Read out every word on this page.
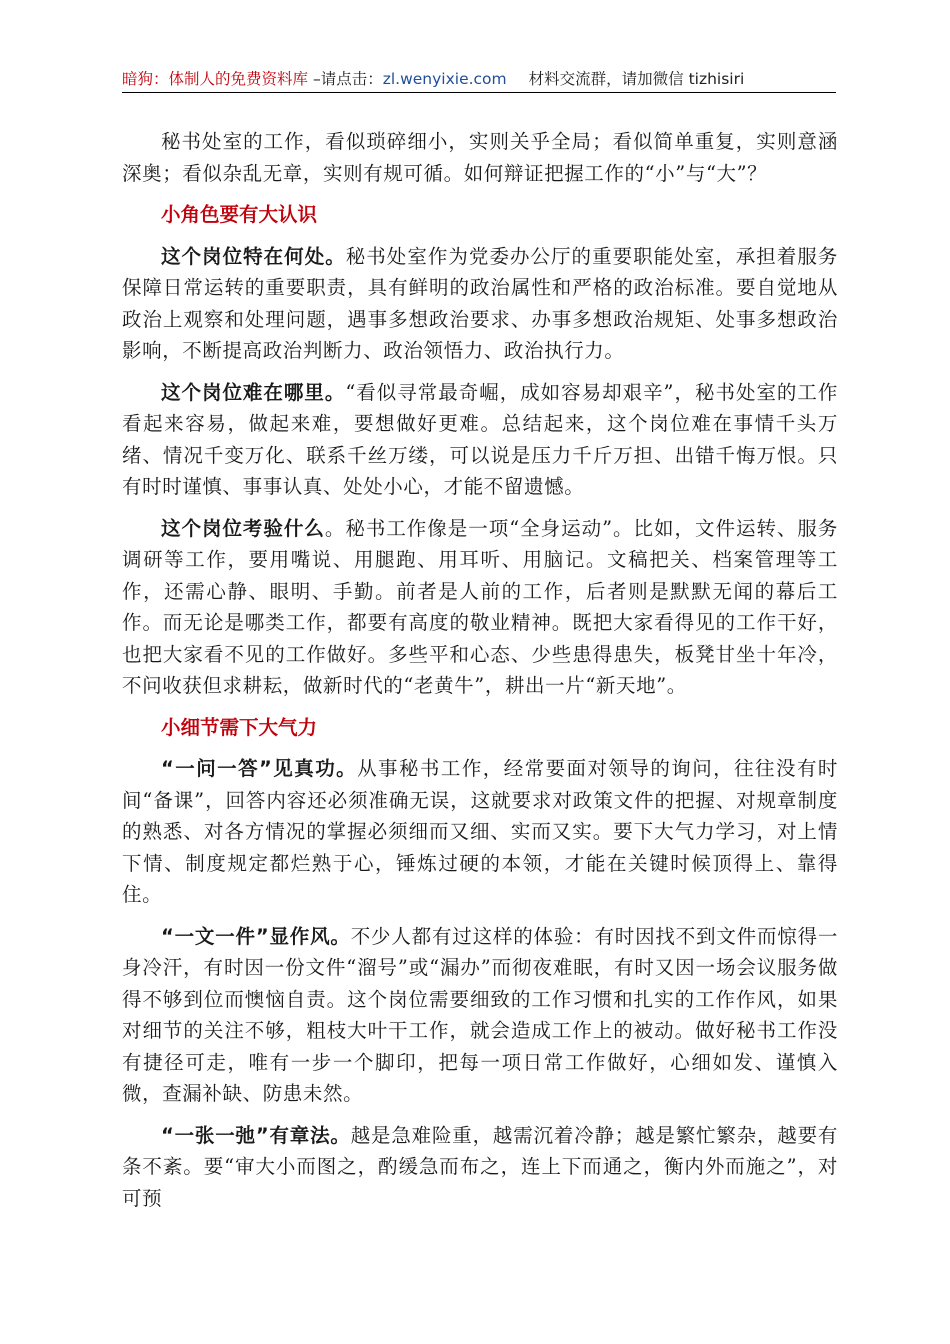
暗狗：体制人的免费资料库 –请点击：zl.wenyixie.com 材料交流群，请加微信 tizhisiri

秘书处室的工作，看似琐碎细小，实则关乎全局；看似简单重复，实则意涵深奥；看似杂乱无章，实则有规可循。如何辩证把握工作的“小”与“大”？

小角色要有大认识

这个岗位特在何处。秘书处室作为党委办公厅的重要职能处室，承担着服务保障日常运转的重要职责，具有鲜明的政治属性和严格的政治标准。要自觉地从政治上观察和处理问题，遇事多想政治要求、办事多想政治规矩、处事多想政治影响，不断提高政治判断力、政治领悟力、政治执行力。

这个岗位难在哪里。“看似寻常最奇崛，成如容易却艰辛”，秘书处室的工作看起来容易，做起来难，要想做好更难。总结起来，这个岗位难在事情千头万绪、情况千变万化、联系千丝万缕，可以说是压力千斤万担、出错千悔万恨。只有时时谨慎、事事认真、处处小心，才能不留遗憾。

这个岗位考验什么。秘书工作像是一项“全身运动”。比如，文件运转、服务调研等工作，要用嘴说、用腿跑、用耳听、用脑记。文稿把关、档案管理等工作，还需心静、眼明、手勤。前者是人前的工作，后者则是默默无闻的幕后工作。而无论是哪类工作，都要有高度的敬业精神。既把大家看得见的工作干好，也把大家看不见的工作做好。多些平和心态、少些患得患失，板凳甘坐十年冷，不问收获但求耕耘，做新时代的“老黄牛”，耕出一片“新天地”。

小细节需下大气力

“一问一答”见真功。从事秘书工作，经常要面对领导的询问，往往没有时间“备课”，回答内容还必须准确无误，这就要求对政策文件的把握、对规章制度的熟悉、对各方情况的掌握必须细而又细、实而又实。要下大气力学习，对上情下情、制度规定都烂熟于心，锤炼过硬的本领，才能在关键时候顶得上、靠得住。

“一文一件”显作风。不少人都有过这样的体验：有时因找不到文件而惊得一身冷汗，有时因一份文件“溜号”或“漏办”而彻夜难眠，有时又因一场会议服务做得不够到位而懊恼自责。这个岗位需要细致的工作习惯和扎实的工作作风，如果对细节的关注不够，粗枝大叶干工作，就会造成工作上的被动。做好秘书工作没有捷径可走，唯有一步一个脚印，把每一项日常工作做好，心细如发、谨慎入微，查漏补缺、防患未然。

“一张一弛”有章法。越是急难险重，越需沉着冷静；越是繁忙繁杂，越要有条不紊。要“审大小而图之，酌缓急而布之，连上下而通之，衡内外而施之”，对可预
